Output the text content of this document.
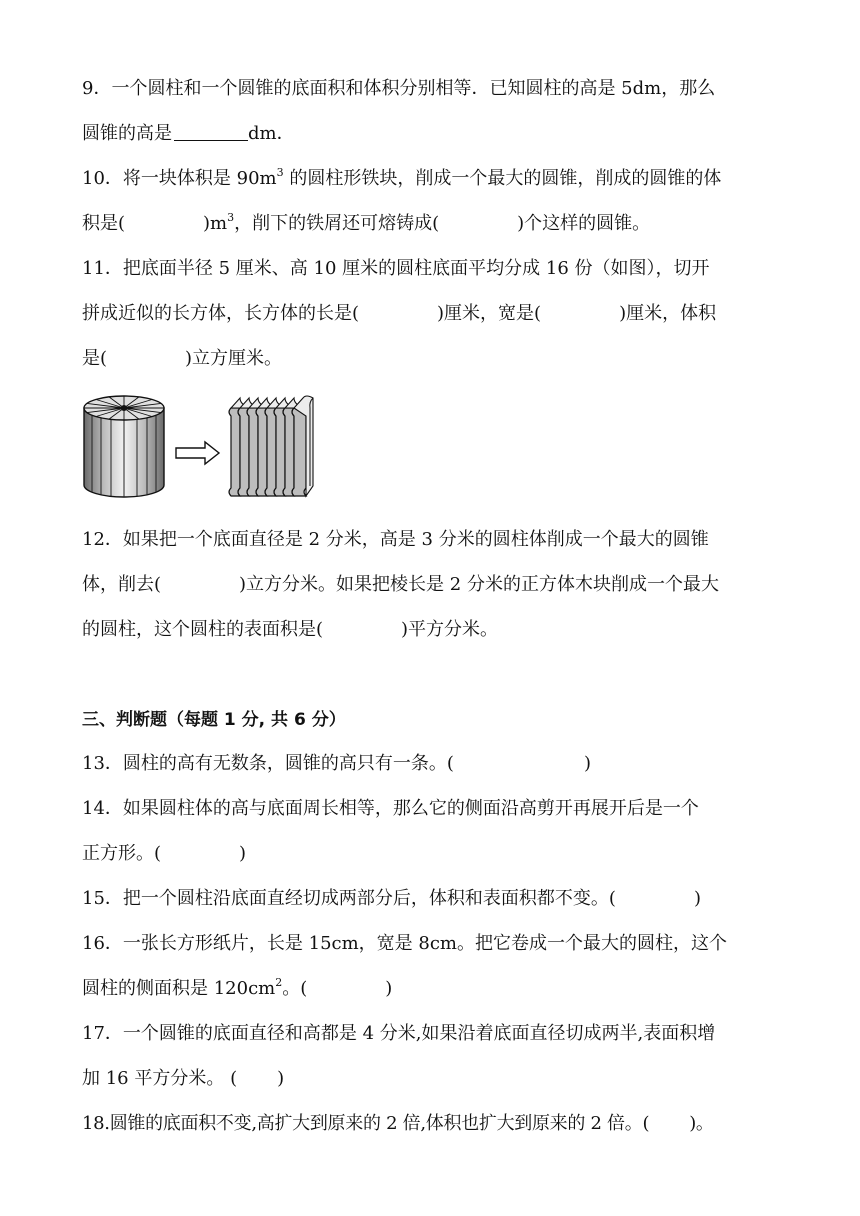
9．一个圆柱和一个圆锥的底面积和体积分别相等．已知圆柱的高是 5dm，那么
圆锥的高是	dm．
10．将一块体积是 $90m^3$ 的圆柱形铁块，削成一个最大的圆锥，削成的圆锥的体
积是(	)$m^3$，削下的铁屑还可熔铸成(	)个这样的圆锥。
11．把底面半径 5 厘米、高 10 厘米的圆柱底面平均分成 16 份（如图），切开
拼成近似的长方体，长方体的长是(	)厘米，宽是(	)厘米，体积
是(	)立方厘米。
12．如果把一个底面直径是 2 分米，高是 3 分米的圆柱体削成一个最大的圆锥
体，削去(	)立方分米。如果把棱长是 2 分米的正方体木块削成一个最大
的圆柱，这个圆柱的表面积是(	)平方分米。
三、判断题（每题 1 分, 共 6 分）
13．圆柱的高有无数条，圆锥的高只有一条。(	)
14．如果圆柱体的高与底面周长相等，那么它的侧面沿高剪开再展开后是一个
正方形。(	)
15．把一个圆柱沿底面直经切成两部分后，体积和表面积都不变。(	)
16．一张长方形纸片，长是 15cm，宽是 8cm。把它卷成一个最大的圆柱，这个
圆柱的侧面积是 $120cm^2$。(	)
17．一个圆锥的底面直径和高都是 4 分米,如果沿着底面直径切成两半,表面积增
加 16 平方分米。 ( )
18.圆锥的底面积不变,高扩大到原来的 2 倍,体积也扩大到原来的 2 倍。( )。
